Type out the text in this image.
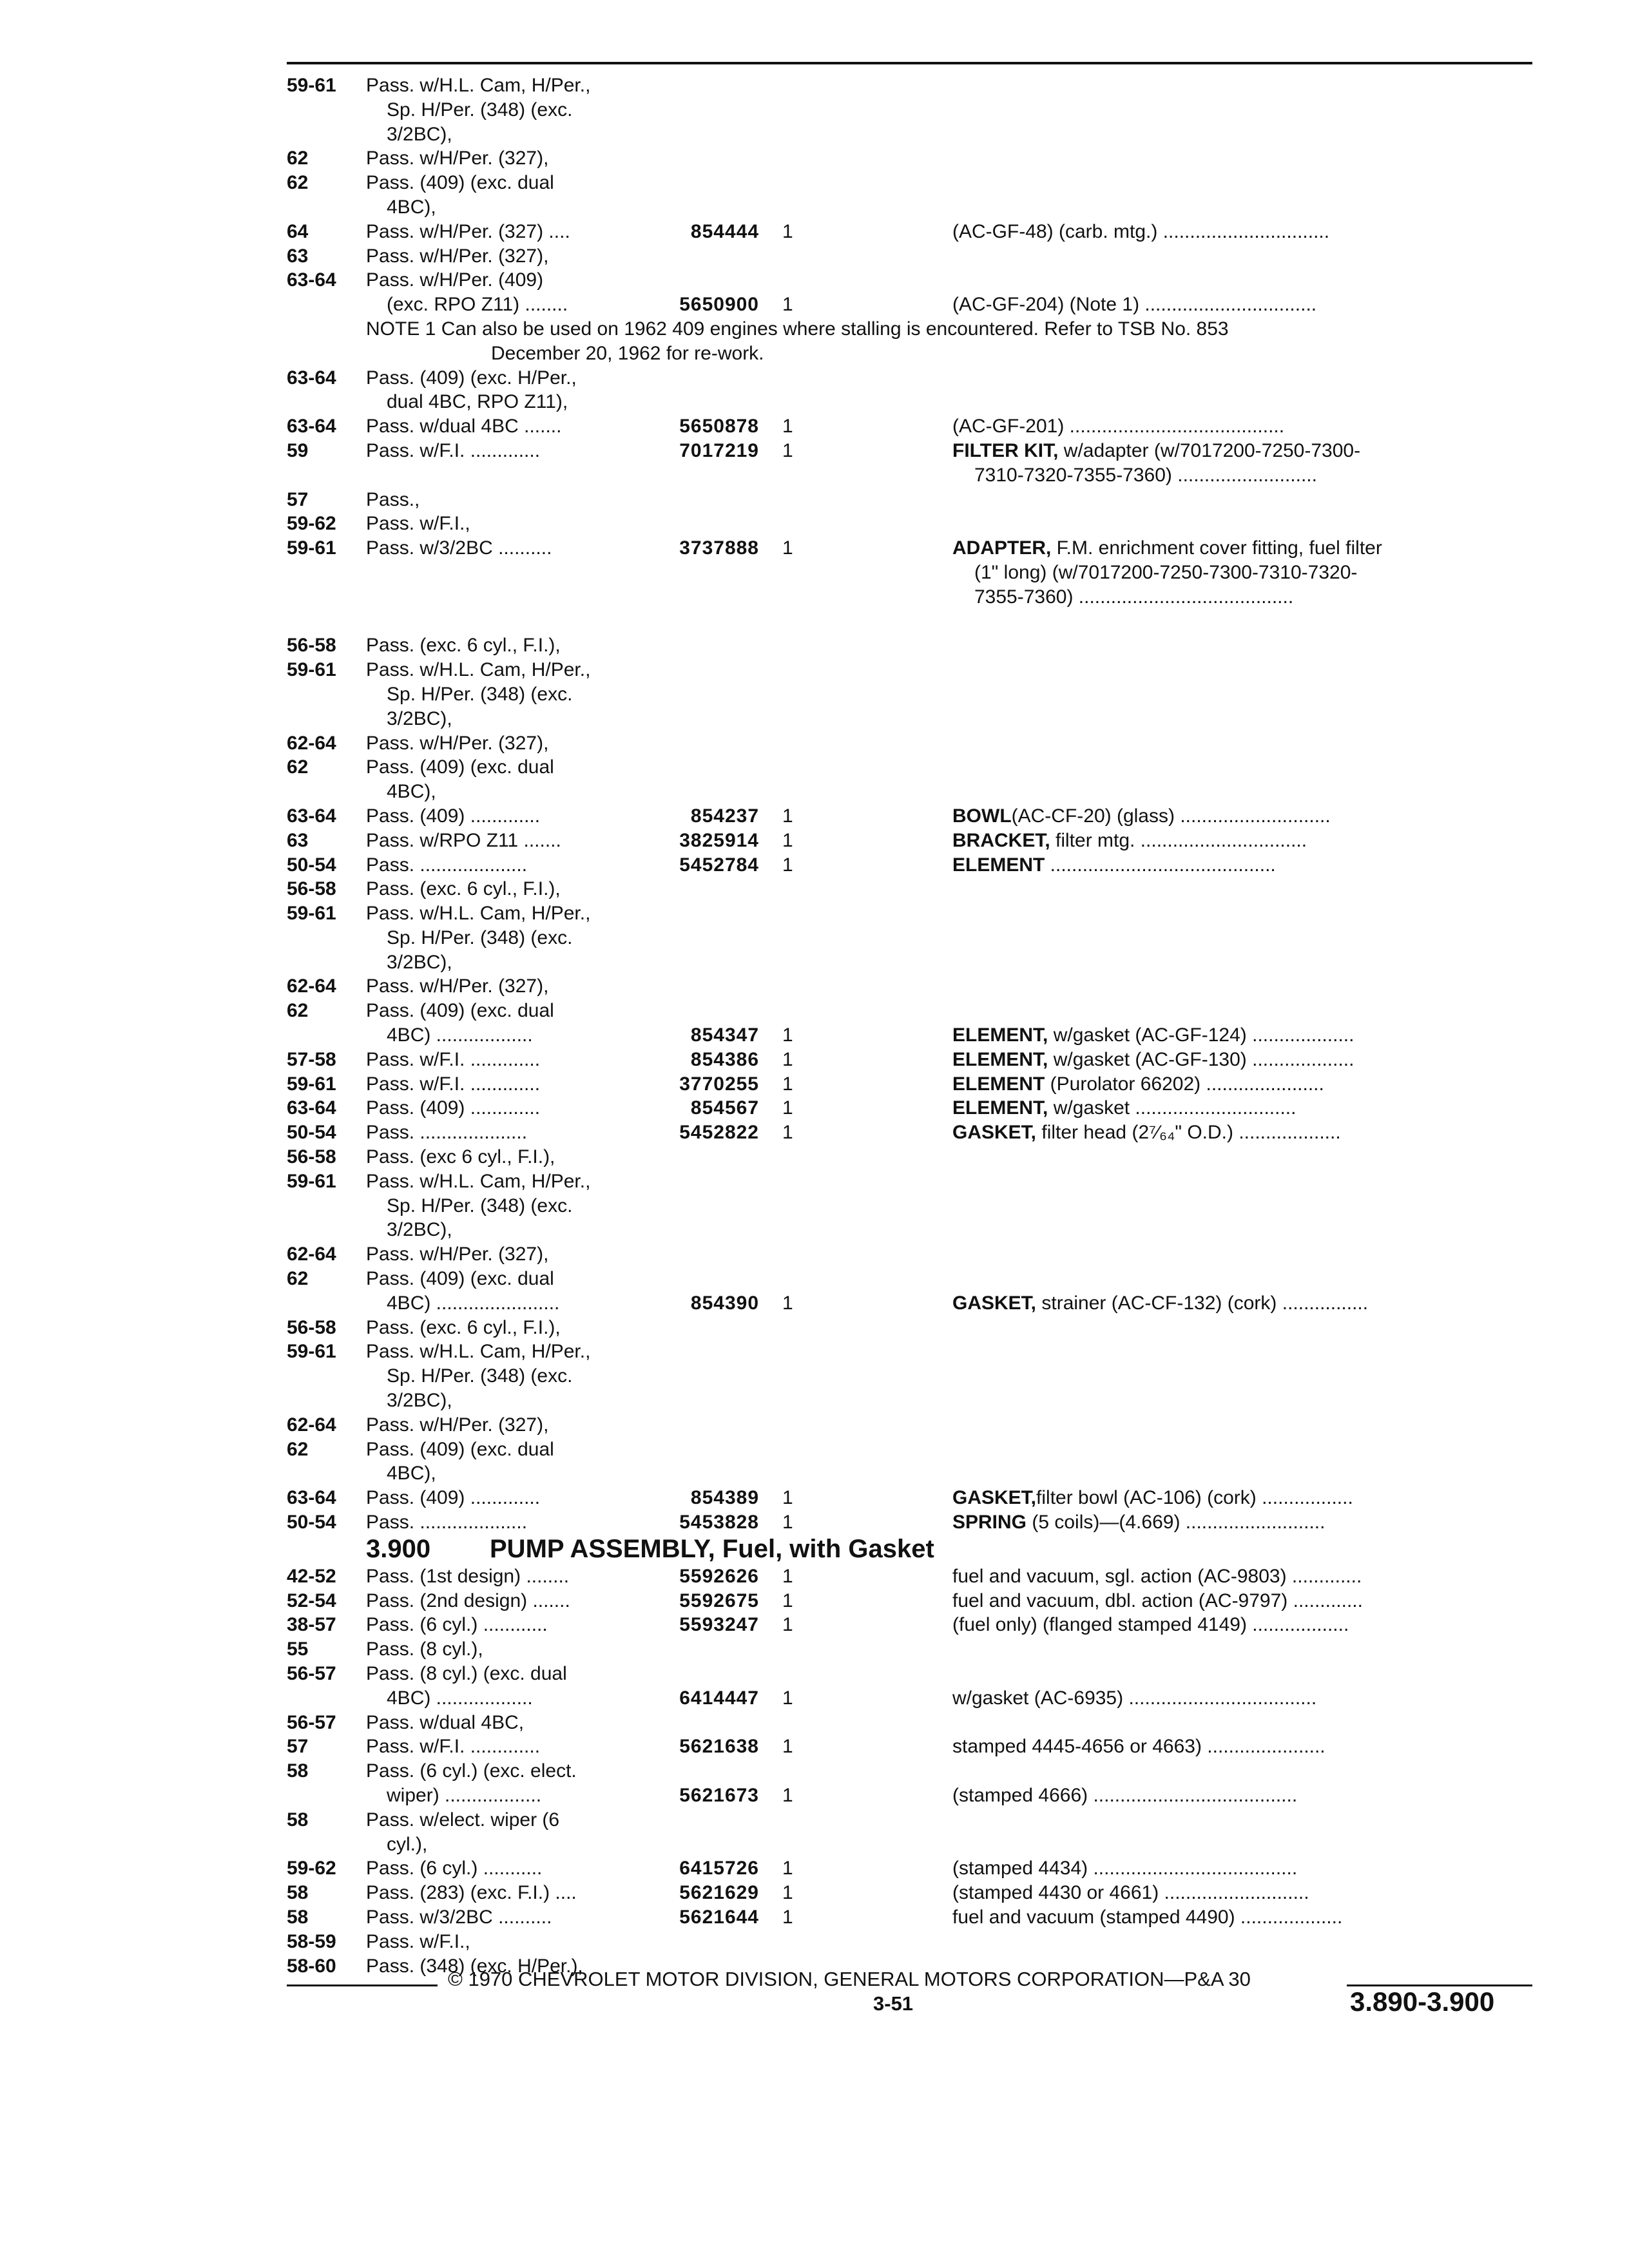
59-61 Pass. w/H.L. Cam, H/Per.,
Sp. H/Per. (348) (exc.
3/2BC),
62	Pass. w/H/Per. (327),
62	Pass. (409) (exc. dual
4BC),
64	Pass. w/H/Per. (327) ....	854444 1	(AC-GF-48) (carb. mtg.) ...............................
63	Pass. w/H/Per. (327),
63-64 Pass. w/H/Per. (409)
(exc. RPO Z11) ........	5650900 1	(AC-GF-204) (Note 1) ................................
NOTE 1 Can also be used on 1962 409 engines where stalling is encountered. Refer to TSB No. 853
December 20, 1962 for re-work.
63-64 Pass. (409) (exc. H/Per.,
dual 4BC, RPO Z11),
63-64 Pass. w/dual 4BC .......	5650878 1	(AC-GF-201) ........................................
59	Pass. w/F.I. .............	7017219 1	FILTER KIT, w/adapter (w/7017200-7250-7300-
7310-7320-7355-7360) ..........................
57	Pass.,
59-62 Pass. w/F.I.,
59-61 Pass. w/3/2BC ..........	3737888 1	ADAPTER, F.M. enrichment cover fitting, fuel filter
(1" long) (w/7017200-7250-7300-7310-7320-
7355-7360) ........................................
56-58 Pass. (exc. 6 cyl., F.I.),
59-61 Pass. w/H.L. Cam, H/Per.,
Sp. H/Per. (348) (exc.
3/2BC),
62-64 Pass. w/H/Per. (327),
62	Pass. (409) (exc. dual
4BC),
63-64 Pass. (409) .............	854237 1	BOWL(AC-CF-20) (glass) ............................
63	Pass. w/RPO Z11 .......	3825914 1	BRACKET, filter mtg. ...............................
50-54 Pass. ....................	5452784 1	ELEMENT ..........................................
56-58 Pass. (exc. 6 cyl., F.I.),
59-61 Pass. w/H.L. Cam, H/Per.,
Sp. H/Per. (348) (exc.
3/2BC),
62-64 Pass. w/H/Per. (327),
62	Pass. (409) (exc. dual
4BC) ..................	854347 1	ELEMENT, w/gasket (AC-GF-124) ...................
57-58 Pass. w/F.I. .............	854386 1	ELEMENT, w/gasket (AC-GF-130) ...................
59-61 Pass. w/F.I. .............	3770255 1	ELEMENT (Purolator 66202) ......................
63-64 Pass. (409) .............	854567 1	ELEMENT, w/gasket ..............................
50-54 Pass. ....................	5452822 1	GASKET, filter head (2⁷⁄₆₄" O.D.) ...................
56-58 Pass. (exc 6 cyl., F.I.),
59-61 Pass. w/H.L. Cam, H/Per.,
Sp. H/Per. (348) (exc.
3/2BC),
62-64 Pass. w/H/Per. (327),
62	Pass. (409) (exc. dual
4BC) .......................	854390 1	GASKET, strainer (AC-CF-132) (cork) ................
56-58 Pass. (exc. 6 cyl., F.I.),
59-61 Pass. w/H.L. Cam, H/Per.,
Sp. H/Per. (348) (exc.
3/2BC),
62-64 Pass. w/H/Per. (327),
62	Pass. (409) (exc. dual
4BC),
63-64 Pass. (409) .............	854389 1	GASKET,filter bowl (AC-106) (cork) .................
50-54 Pass. ....................	5453828 1	SPRING (5 coils)—(4.669) ..........................
3.900 PUMP ASSEMBLY, Fuel, with Gasket
42-52 Pass. (1st design) ........	5592626 1	fuel and vacuum, sgl. action (AC-9803) .............
52-54 Pass. (2nd design) .......	5592675 1	fuel and vacuum, dbl. action (AC-9797) .............
38-57 Pass. (6 cyl.) ............	5593247 1	(fuel only) (flanged stamped 4149) ..................
55	Pass. (8 cyl.),
56-57 Pass. (8 cyl.) (exc. dual
4BC) ..................	6414447 1	w/gasket (AC-6935) ...................................
56-57 Pass. w/dual 4BC,
57	Pass. w/F.I. .............	5621638 1	stamped 4445-4656 or 4663) ......................
58	Pass. (6 cyl.) (exc. elect.
wiper) ..................	5621673 1	(stamped 4666) ......................................
58	Pass. w/elect. wiper (6
cyl.),
59-62 Pass. (6 cyl.) ...........	6415726 1	(stamped 4434) ......................................
58	Pass. (283) (exc. F.I.) ....	5621629 1	(stamped 4430 or 4661) ...........................
58	Pass. w/3/2BC ..........	5621644 1	fuel and vacuum (stamped 4490) ...................
58-59 Pass. w/F.I.,
58-60 Pass. (348) (exc. H/Per.),
© 1970 CHEVROLET MOTOR DIVISION, GENERAL MOTORS CORPORATION—P&A 30
3-51	3.890-3.900
